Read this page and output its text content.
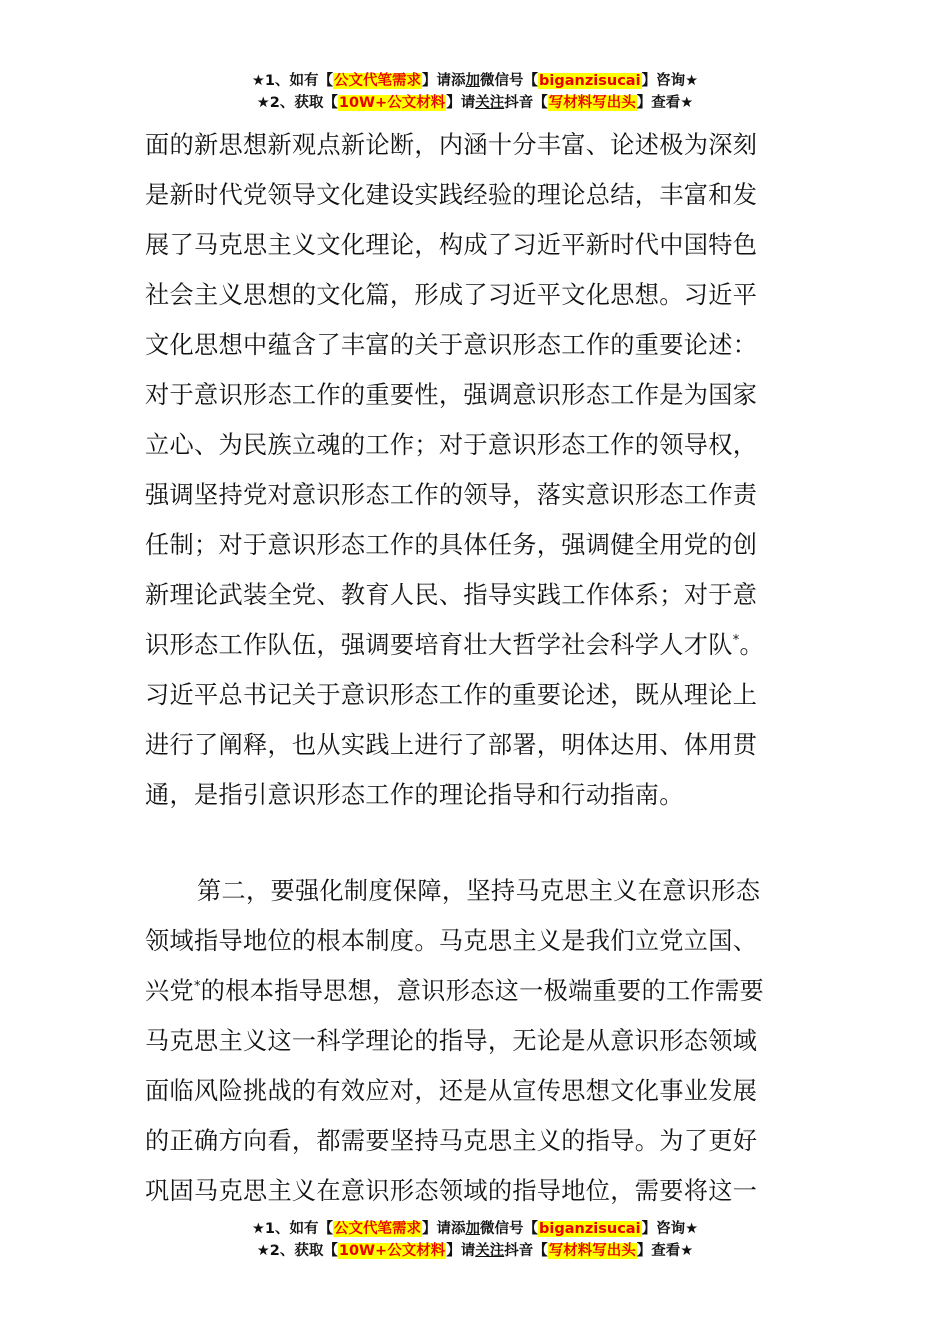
★1、如有【公文代笔需求】请添加微信号【biganzisucai】咨询★
★2、获取【10W+公文材料】请关注抖音【写材料写出头】查看★
面的新思想新观点新论断，内涵十分丰富、论述极为深刻
是新时代党领导文化建设实践经验的理论总结，丰富和发
展了马克思主义文化理论，构成了习近平新时代中国特色
社会主义思想的文化篇，形成了习近平文化思想。习近平
文化思想中蕴含了丰富的关于意识形态工作的重要论述：
对于意识形态工作的重要性，强调意识形态工作是为国家
立心、为民族立魂的工作；对于意识形态工作的领导权，
强调坚持党对意识形态工作的领导，落实意识形态工作责
任制；对于意识形态工作的具体任务，强调健全用党的创
新理论武装全党、教育人民、指导实践工作体系；对于意
识形态工作队伍，强调要培育壮大哲学社会科学人才队*。
习近平总书记关于意识形态工作的重要论述，既从理论上
进行了阐释，也从实践上进行了部署，明体达用、体用贯
通，是指引意识形态工作的理论指导和行动指南。
第二，要强化制度保障，坚持马克思主义在意识形态
领域指导地位的根本制度。马克思主义是我们立党立国、
兴党*的根本指导思想，意识形态这一极端重要的工作需要
马克思主义这一科学理论的指导，无论是从意识形态领域
面临风险挑战的有效应对，还是从宣传思想文化事业发展
的正确方向看，都需要坚持马克思主义的指导。为了更好
巩固马克思主义在意识形态领域的指导地位，需要将这一
★1、如有【公文代笔需求】请添加微信号【biganzisucai】咨询★
★2、获取【10W+公文材料】请关注抖音【写材料写出头】查看★
